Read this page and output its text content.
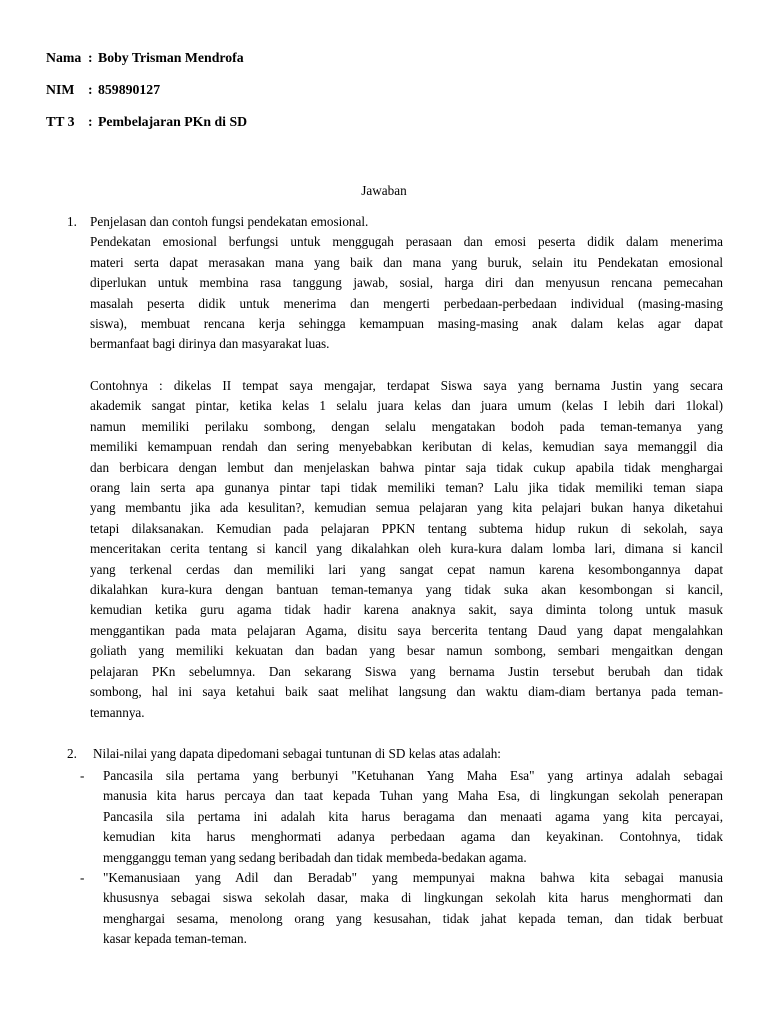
Nama : Boby Trisman Mendrofa
NIM : 859890127
TT 3 : Pembelajaran PKn di SD
Jawaban
1. Penjelasan dan contoh fungsi pendekatan emosional.
Pendekatan emosional berfungsi untuk menggugah perasaan dan emosi peserta didik dalam menerima
materi serta dapat merasakan mana yang baik dan mana yang buruk, selain itu Pendekatan emosional
diperlukan untuk membina rasa tanggung jawab, sosial, harga diri dan menyusun rencana pemecahan
masalah peserta didik untuk menerima dan mengerti perbedaan-perbedaan individual (masing-masing
siswa), membuat rencana kerja sehingga kemampuan masing-masing anak dalam kelas agar dapat
bermanfaat bagi dirinya dan masyarakat luas.
Contohnya : dikelas II tempat saya mengajar, terdapat Siswa saya yang bernama Justin yang secara
akademik sangat pintar, ketika kelas 1 selalu juara kelas dan juara umum (kelas I lebih dari 1lokal)
namun memiliki perilaku sombong, dengan selalu mengatakan bodoh pada teman-temanya yang
memiliki kemampuan rendah dan sering menyebabkan keributan di kelas, kemudian saya memanggil dia
dan berbicara dengan lembut dan menjelaskan bahwa pintar saja tidak cukup apabila tidak menghargai
orang lain serta apa gunanya pintar tapi tidak memiliki teman? Lalu jika tidak memiliki teman siapa
yang membantu jika ada kesulitan?, kemudian semua pelajaran yang kita pelajari bukan hanya diketahui
tetapi dilaksanakan. Kemudian pada pelajaran PPKN tentang subtema hidup rukun di sekolah, saya
menceritakan cerita tentang si kancil yang dikalahkan oleh kura-kura dalam lomba lari, dimana si kancil
yang terkenal cerdas dan memiliki lari yang sangat cepat namun karena kesombongannya dapat
dikalahkan kura-kura dengan bantuan teman-temanya yang tidak suka akan kesombongan si kancil,
kemudian ketika guru agama tidak hadir karena anaknya sakit, saya diminta tolong untuk masuk
menggantikan pada mata pelajaran Agama, disitu saya bercerita tentang Daud yang dapat mengalahkan
goliath yang memiliki kekuatan dan badan yang besar namun sombong, sembari mengaitkan dengan
pelajaran PKn sebelumnya. Dan sekarang Siswa yang bernama Justin tersebut berubah dan tidak
sombong, hal ini saya ketahui baik saat melihat langsung dan waktu diam-diam bertanya pada teman-
temannya.
2. Nilai-nilai yang dapata dipedomani sebagai tuntunan di SD kelas atas adalah:
- Pancasila sila pertama yang berbunyi "Ketuhanan Yang Maha Esa" yang artinya adalah sebagai
manusia kita harus percaya dan taat kepada Tuhan yang Maha Esa, di lingkungan sekolah penerapan
Pancasila sila pertama ini adalah kita harus beragama dan menaati agama yang kita percayai,
kemudian kita harus menghormati adanya perbedaan agama dan keyakinan. Contohnya, tidak
mengganggu teman yang sedang beribadah dan tidak membeda-bedakan agama.
- "Kemanusiaan yang Adil dan Beradab" yang mempunyai makna bahwa kita sebagai manusia
khususnya sebagai siswa sekolah dasar, maka di lingkungan sekolah kita harus menghormati dan
menghargai sesama, menolong orang yang kesusahan, tidak jahat kepada teman, dan tidak berbuat
kasar kepada teman-teman.
